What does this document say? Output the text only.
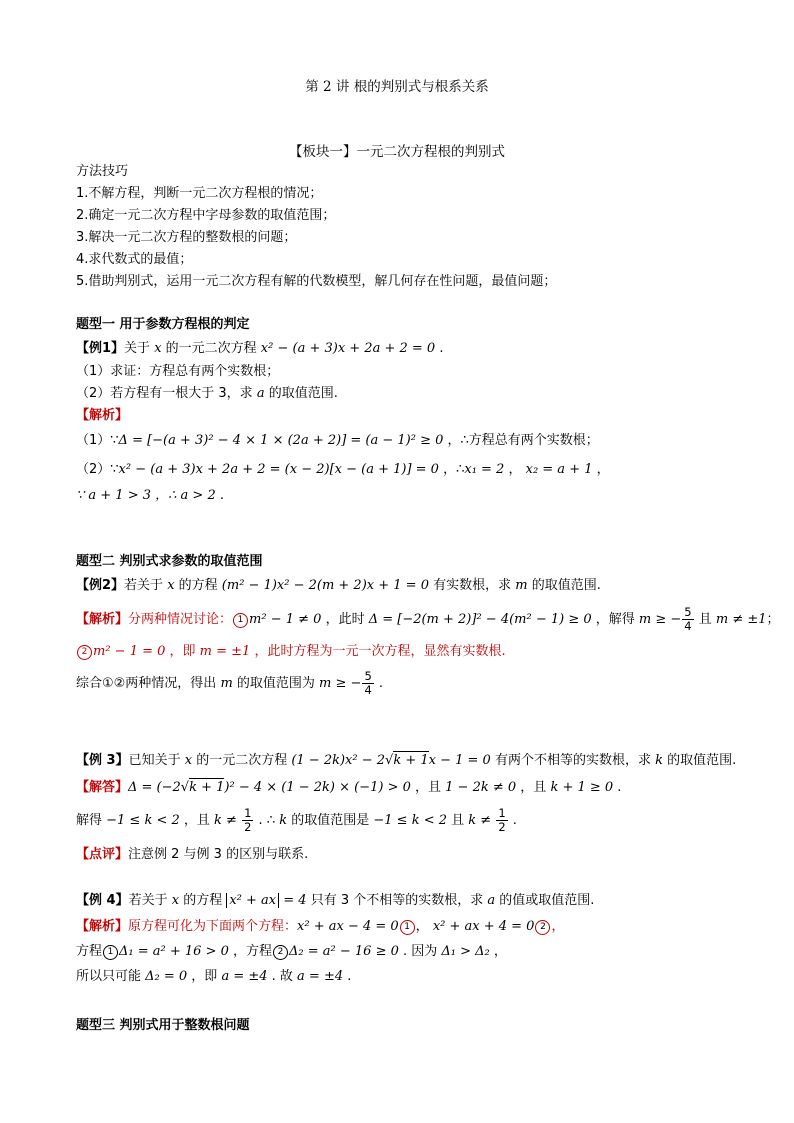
第 2 讲 根的判别式与根系关系
【板块一】一元二次方程根的判别式
方法技巧
1.不解方程，判断一元二次方程根的情况；
2.确定一元二次方程中字母参数的取值范围；
3.解决一元二次方程的整数根的问题；
4.求代数式的最值；
5.借助判别式，运用一元二次方程有解的代数模型，解几何存在性问题，最值问题；
题型一 用于参数方程根的判定
【例1】关于 x 的一元二次方程 x² − (a + 3)x + 2a + 2 = 0 .
（1）求证：方程总有两个实数根；
（2）若方程有一根大于 3，求 a 的取值范围.
【解析】
（1）∵Δ = [−(a + 3)² − 4 × 1 × (2a + 2)] = (a − 1)² ≥ 0 ，∴方程总有两个实数根；
（2）∵x² − (a + 3)x + 2a + 2 = (x − 2)[x − (a + 1)] = 0 ，∴x₁ = 2 ， x₂ = a + 1 ，
∵ a + 1 > 3 ，∴ a > 2 .
题型二 判别式求参数的取值范围
【例2】若关于 x 的方程 (m² − 1)x² − 2(m + 2)x + 1 = 0 有实数根，求 m 的取值范围.
【解析】分两种情况讨论： 1 m² − 1 ≠ 0 ，此时 Δ = [−2(m + 2)]² − 4(m² − 1) ≥ 0 ，解得 m ≥ − $\frac{5}{4}$ 且 m ≠ ±1；
2 m² − 1 = 0 ，即 m = ±1 ，此时方程为一元一次方程，显然有实数根.
综合①②两种情况，得出 m 的取值范围为 m ≥ − $\frac{5}{4}$ .
【例 3】已知关于 x 的一元二次方程 (1 − 2k)x² − 2√k + 1x − 1 = 0 有两个不相等的实数根，求 k 的取值范围.
【解答】Δ = (−2√k + 1)² − 4 × (1 − 2k) × (−1) > 0 ，且 1 − 2k ≠ 0 ，且 k + 1 ≥ 0 .
解得 −1 ≤ k < 2 ，且 $k \ne \frac{1}{2}$ . ∴ k 的取值范围是 −1 ≤ k < 2 且 $k \ne \frac{1}{2}$ .
【点评】注意例 2 与例 3 的区别与联系.
【例 4】若关于 x 的方程 x² + ax = 4 只有 3 个不相等的实数根，求 a 的值或取值范围.
【解析】原方程可化为下面两个方程：x² + ax − 4 = 0 1 ， x² + ax + 4 = 0 2 ，
方程 1 Δ₁ = a² + 16 > 0 ，方程 2 Δ₂ = a² − 16 ≥ 0 . 因为 Δ₁ > Δ₂ ，
所以只可能 Δ₂ = 0 ，即 a = ±4 . 故 a = ±4 .
题型三 判别式用于整数根问题
